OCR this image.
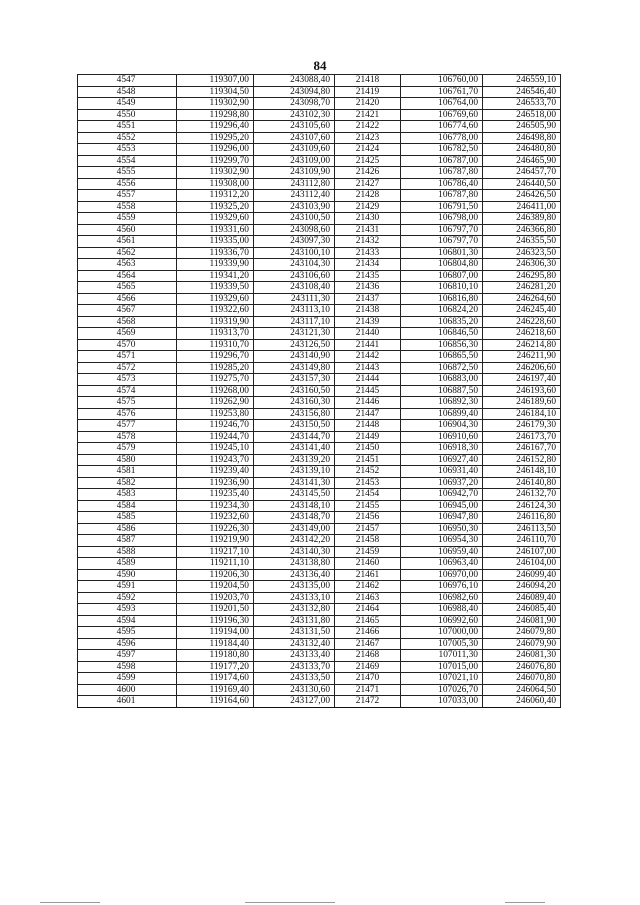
84
4547	119307,00	243088,40	21418	106760,00	246559,10
4548	119304,50	243094,80	21419	106761,70	246546,40
4549	119302,90	243098,70	21420	106764,00	246533,70
4550	119298,80	243102,30	21421	106769,60	246518,00
4551	119296,40	243105,60	21422	106774,60	246505,90
4552	119295,20	243107,60	21423	106778,00	246498,80
4553	119296,00	243109,60	21424	106782,50	246480,80
4554	119299,70	243109,00	21425	106787,00	246465,90
4555	119302,90	243109,90	21426	106787,80	246457,70
4556	119308,00	243112,80	21427	106786,40	246440,50
4557	119312,20	243112,40	21428	106787,80	246426,50
4558	119325,20	243103,90	21429	106791,50	246411,00
4559	119329,60	243100,50	21430	106798,00	246389,80
4560	119331,60	243098,60	21431	106797,70	246366,80
4561	119335,00	243097,30	21432	106797,70	246355,50
4562	119336,70	243100,10	21433	106801,30	246323,50
4563	119339,90	243104,30	21434	106804,80	246306,30
4564	119341,20	243106,60	21435	106807,00	246295,80
4565	119339,50	243108,40	21436	106810,10	246281,20
4566	119329,60	243111,30	21437	106816,80	246264,60
4567	119322,60	243113,10	21438	106824,20	246245,40
4568	119319,90	243117,10	21439	106835,20	246228,60
4569	119313,70	243121,30	21440	106846,50	246218,60
4570	119310,70	243126,50	21441	106856,30	246214,80
4571	119296,70	243140,90	21442	106865,50	246211,90
4572	119285,20	243149,80	21443	106872,50	246206,60
4573	119275,70	243157,30	21444	106883,00	246197,40
4574	119268,00	243160,50	21445	106887,50	246193,60
4575	119262,90	243160,30	21446	106892,30	246189,60
4576	119253,80	243156,80	21447	106899,40	246184,10
4577	119246,70	243150,50	21448	106904,30	246179,30
4578	119244,70	243144,70	21449	106910,60	246173,70
4579	119245,10	243141,40	21450	106918,30	246167,70
4580	119243,70	243139,20	21451	106927,40	246152,80
4581	119239,40	243139,10	21452	106931,40	246148,10
4582	119236,90	243141,30	21453	106937,20	246140,80
4583	119235,40	243145,50	21454	106942,70	246132,70
4584	119234,30	243148,10	21455	106945,00	246124,30
4585	119232,60	243148,70	21456	106947,80	246116,80
4586	119226,30	243149,00	21457	106950,30	246113,50
4587	119219,90	243142,20	21458	106954,30	246110,70
4588	119217,10	243140,30	21459	106959,40	246107,00
4589	119211,10	243138,80	21460	106963,40	246104,00
4590	119206,30	243136,40	21461	106970,00	246099,40
4591	119204,50	243135,00	21462	106976,10	246094,20
4592	119203,70	243133,10	21463	106982,60	246089,40
4593	119201,50	243132,80	21464	106988,40	246085,40
4594	119196,30	243131,80	21465	106992,60	246081,90
4595	119194,00	243131,50	21466	107000,00	246079,80
4596	119184,40	243132,40	21467	107005,30	246079,90
4597	119180,80	243133,40	21468	107011,30	246081,30
4598	119177,20	243133,70	21469	107015,00	246076,80
4599	119174,60	243133,50	21470	107021,10	246070,80
4600	119169,40	243130,60	21471	107026,70	246064,50
4601	119164,60	243127,00	21472	107033,00	246060,40
